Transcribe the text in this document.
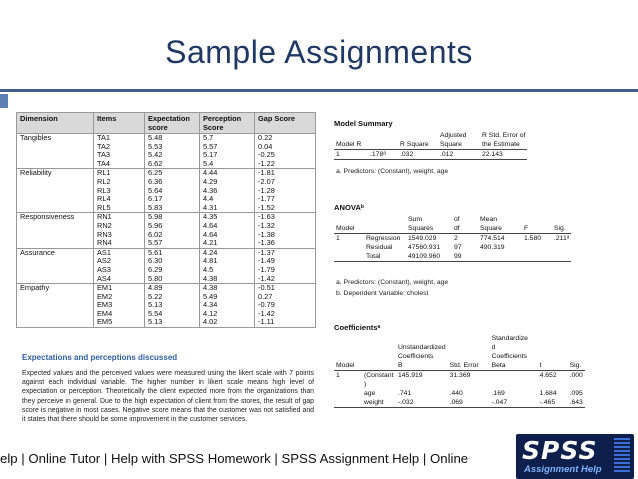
Sample Assignments
Dimension	Items	Expectation score	Perception Score	Gap Score
Tangibles	TA1	5.48	5.7	0.22
	TA2	5.53	5.57	0.04
	TA3	5.42	5.17	-0.25
	TA4	6.62	5.4	-1.22
Reliability	RL1	6.25	4.44	-1.81
	RL2	6.36	4.29	-2.07
	RL3	5.64	4.36	-1.28
	RL4	6.17	4.4	-1.77
	RL5	5.83	4.31	-1.52
Responsiveness	RN1	5.98	4.35	-1.63
	RN2	5.96	4.64	-1.32
	RN3	6.02	4.64	-1.38
	RN4	5.57	4.21	-1.36
Assurance	AS1	5.61	4.24	-1.37
	AS2	6.30	4.81	-1.49
	AS3	6.29	4.5	-1.79
	AS4	5.80	4.38	-1.42
Empathy	EM1	4.89	4.38	-0.51
	EM2	5.22	5.49	0.27
	EM3	5.13	4.34	-0.79
	EM4	5.54	4.12	-1.42
	EM5	5.13	4.02	-1.11
Expectations and perceptions discussed
Expected values and the perceived values were measured using the likert scale with 7 points against each individual variable. The higher number in likert scale means high level of expectation or perception. Theoretically the client expected more from the organizations than they perceive in general. Due to the high expectation of client from the stores, the result of gap score is negative in most cases. Negative score means that the customer was not satisfied and it states that there should be some improvement in the customer services.
Model Summary
			Adjusted	R Std. Error of
Model R		R Square	Square	the Estimate
1	.178ᵃ	.032	.012	22.143
a. Predictors: (Constant), weight, age
ANOVAᵇ
		Sum	of	Mean		
Model		Squares	df	Square	F	Sig.
1	Regression	1549.029	2	774.514	1.580	.211ᵃ
	Residual	47560.931	97	490.319		
	Total	49109.960	99			
a. Predictors: (Constant), weight, age
b. Dependent Variable: cholest
Coefficientsᵃ
				Standardize		
		Unstandardized		d		
		Coefficients		Coefficients		
Model		B	Std. Error	Beta	t	Sig.
1	(Constant	145.919	31.369		4.652	.000
	)					
	age	.741	.440	.169	1.684	.095
	weight	-.032	.069	-.047	-.465	.643
elp | Online Tutor | Help with SPSS Homework | SPSS Assignment Help | Online	SPSS
Assignment Help
